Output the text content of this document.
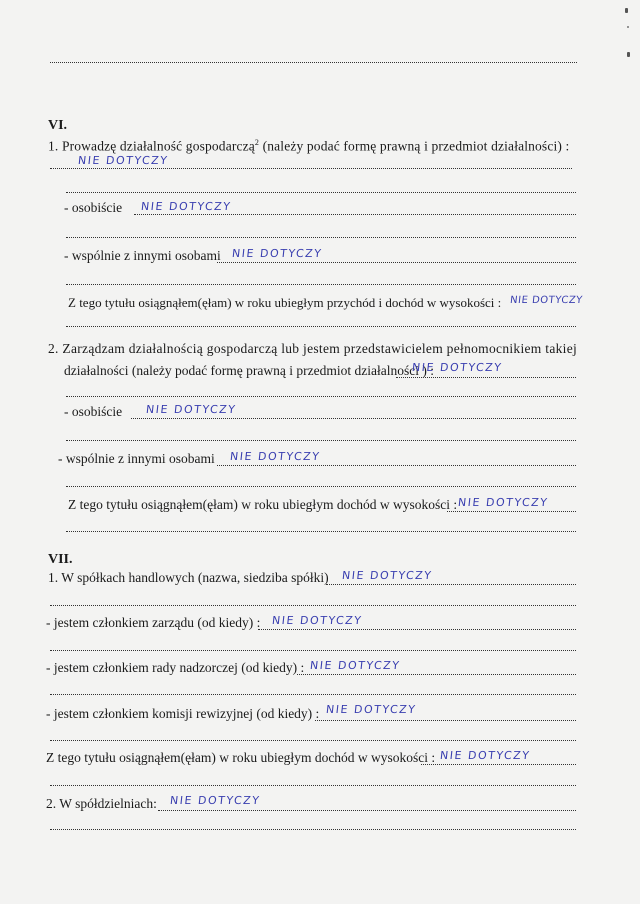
VI.
1. Prowadzę działalność gospodarczą$^2$ (należy podać formę prawną i przedmiot działalności) :
NIE DOTYCZY
- osobiście NIE DOTYCZY
- wspólnie z innymi osobami NIE DOTYCZY
Z tego tytułu osiągnąłem(ęłam) w roku ubiegłym przychód i dochód w wysokości : NIE DOTYCZY
2. Zarządzam działalnością gospodarczą lub jestem przedstawicielem pełnomocnikiem takiej
działalności (należy podać formę prawną i przedmiot działalności ) :
NIE DOTYCZY
- osobiście NIE DOTYCZY
- wspólnie z innymi osobami NIE DOTYCZY
Z tego tytułu osiągnąłem(ęłam) w roku ubiegłym dochód w wysokości : NIE DOTYCZY
VII.
1. W spółkach handlowych (nazwa, siedziba spółki) NIE DOTYCZY
- jestem członkiem zarządu (od kiedy) : NIE DOTYCZY
- jestem członkiem rady nadzorczej (od kiedy) : NIE DOTYCZY
- jestem członkiem komisji rewizyjnej (od kiedy) : NIE DOTYCZY
Z tego tytułu osiągnąłem(ęłam) w roku ubiegłym dochód w wysokości : NIE DOTYCZY
2. W spółdzielniach: NIE DOTYCZY
